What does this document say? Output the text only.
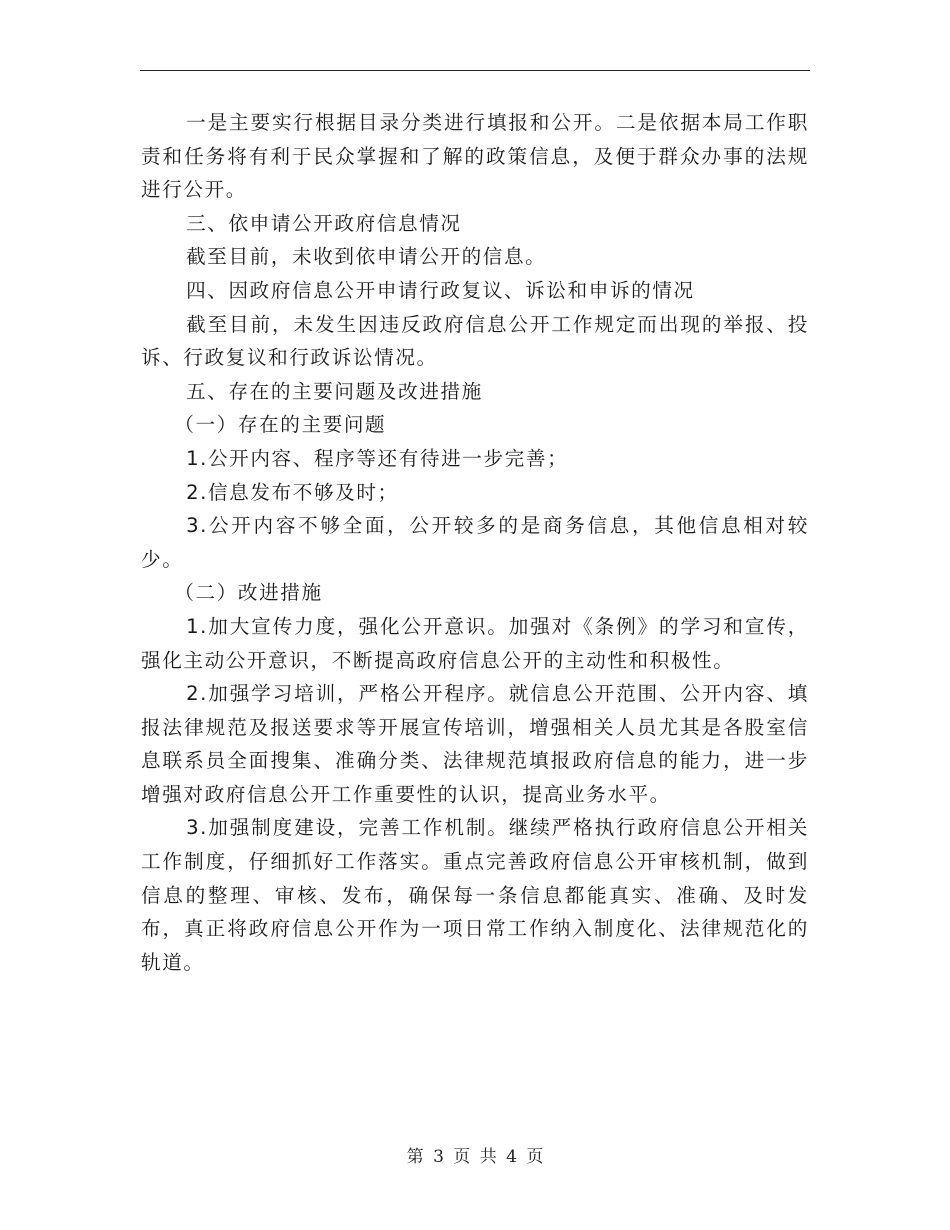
一是主要实行根据目录分类进行填报和公开。二是依据本局工作职责和任务将有利于民众掌握和了解的政策信息，及便于群众办事的法规进行公开。

三、依申请公开政府信息情况

截至目前，未收到依申请公开的信息。

四、因政府信息公开申请行政复议、诉讼和申诉的情况

截至目前，未发生因违反政府信息公开工作规定而出现的举报、投诉、行政复议和行政诉讼情况。

五、存在的主要问题及改进措施

（一）存在的主要问题

1.公开内容、程序等还有待进一步完善；

2.信息发布不够及时；

3.公开内容不够全面，公开较多的是商务信息，其他信息相对较少。

（二）改进措施

1.加大宣传力度，强化公开意识。加强对《条例》的学习和宣传，强化主动公开意识，不断提高政府信息公开的主动性和积极性。

2.加强学习培训，严格公开程序。就信息公开范围、公开内容、填报法律规范及报送要求等开展宣传培训，增强相关人员尤其是各股室信息联系员全面搜集、准确分类、法律规范填报政府信息的能力，进一步增强对政府信息公开工作重要性的认识，提高业务水平。

3.加强制度建设，完善工作机制。继续严格执行政府信息公开相关工作制度，仔细抓好工作落实。重点完善政府信息公开审核机制，做到信息的整理、审核、发布，确保每一条信息都能真实、准确、及时发布，真正将政府信息公开作为一项日常工作纳入制度化、法律规范化的轨道。

第 3 页 共 4 页
